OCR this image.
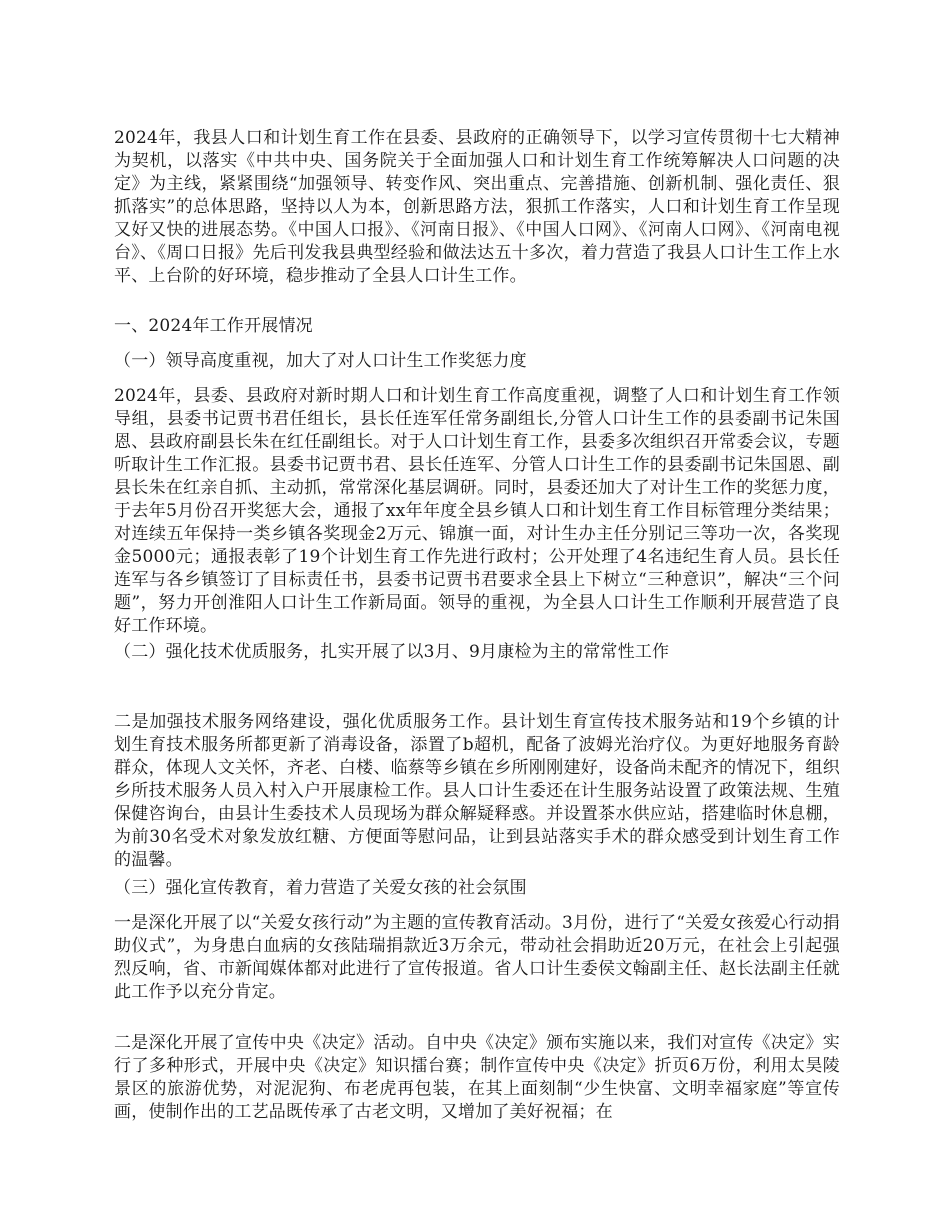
2024年，我县人口和计划生育工作在县委、县政府的正确领导下，以学习宣传贯彻十七大精神为契机，以落实《中共中央、国务院关于全面加强人口和计划生育工作统筹解决人口问题的决定》为主线，紧紧围绕“加强领导、转变作风、突出重点、完善措施、创新机制、强化责任、狠抓落实”的总体思路，坚持以人为本，创新思路方法，狠抓工作落实，人口和计划生育工作呈现又好又快的进展态势。《中国人口报》、《河南日报》、《中国人口网》、《河南人口网》、《河南电视台》、《周口日报》先后刊发我县典型经验和做法达五十多次，着力营造了我县人口计生工作上水平、上台阶的好环境，稳步推动了全县人口计生工作。

一、2024年工作开展情况

（一）领导高度重视，加大了对人口计生工作奖惩力度

2024年，县委、县政府对新时期人口和计划生育工作高度重视，调整了人口和计划生育工作领导组，县委书记贾书君任组长，县长任连军任常务副组长,分管人口计生工作的县委副书记朱国恩、县政府副县长朱在红任副组长。对于人口计划生育工作，县委多次组织召开常委会议，专题听取计生工作汇报。县委书记贾书君、县长任连军、分管人口计生工作的县委副书记朱国恩、副县长朱在红亲自抓、主动抓，常常深化基层调研。同时，县委还加大了对计生工作的奖惩力度，于去年5月份召开奖惩大会，通报了xx年年度全县乡镇人口和计划生育工作目标管理分类结果；对连续五年保持一类乡镇各奖现金2万元、锦旗一面，对计生办主任分别记三等功一次，各奖现金5000元；通报表彰了19个计划生育工作先进行政村；公开处理了4名违纪生育人员。县长任连军与各乡镇签订了目标责任书，县委书记贾书君要求全县上下树立“三种意识”，解决“三个问题”，努力开创淮阳人口计生工作新局面。领导的重视，为全县人口计生工作顺利开展营造了良好工作环境。

（二）强化技术优质服务，扎实开展了以3月、9月康检为主的常常性工作

二是加强技术服务网络建设，强化优质服务工作。县计划生育宣传技术服务站和19个乡镇的计划生育技术服务所都更新了消毒设备，添置了b超机，配备了波姆光治疗仪。为更好地服务育龄群众，体现人文关怀，齐老、白楼、临蔡等乡镇在乡所刚刚建好，设备尚未配齐的情况下，组织乡所技术服务人员入村入户开展康检工作。县人口计生委还在计生服务站设置了政策法规、生殖保健咨询台，由县计生委技术人员现场为群众解疑释惑。并设置茶水供应站，搭建临时休息棚，为前30名受术对象发放红糖、方便面等慰问品，让到县站落实手术的群众感受到计划生育工作的温馨。

（三）强化宣传教育，着力营造了关爱女孩的社会氛围

一是深化开展了以“关爱女孩行动”为主题的宣传教育活动。3月份，进行了“关爱女孩爱心行动捐助仪式”，为身患白血病的女孩陆瑞捐款近3万余元，带动社会捐助近20万元，在社会上引起强烈反响，省、市新闻媒体都对此进行了宣传报道。省人口计生委侯文翰副主任、赵长法副主任就此工作予以充分肯定。

二是深化开展了宣传中央《决定》活动。自中央《决定》颁布实施以来，我们对宣传《决定》实行了多种形式，开展中央《决定》知识擂台赛；制作宣传中央《决定》折页6万份，利用太昊陵景区的旅游优势，对泥泥狗、布老虎再包装，在其上面刻制“少生快富、文明幸福家庭”等宣传画，使制作出的工艺品既传承了古老文明，又增加了美好祝福；在
